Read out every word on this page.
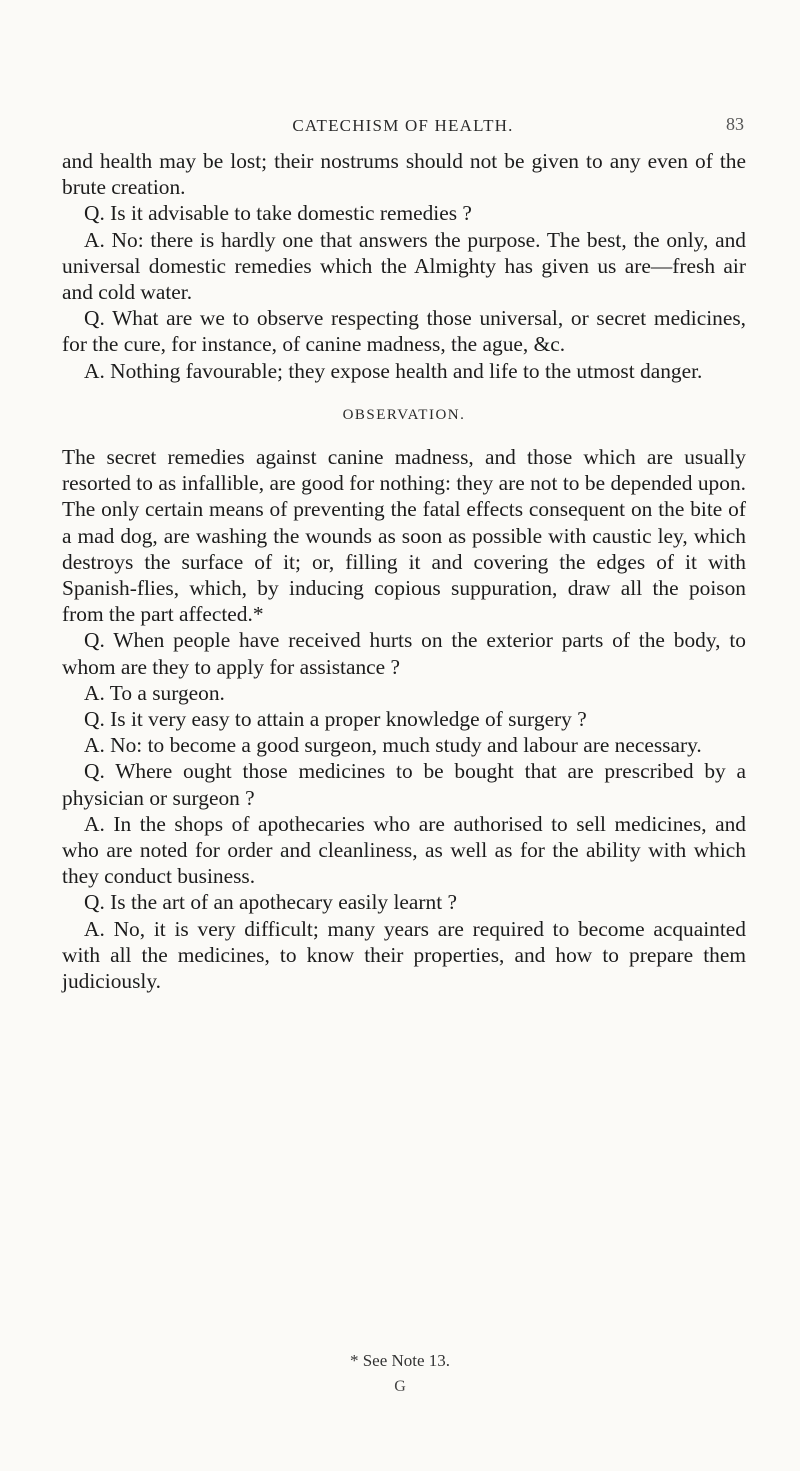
CATECHISM OF HEALTH.	83

and health may be lost; their nostrums should not be given to any even of the brute creation.

Q. Is it advisable to take domestic remedies ?

A. No: there is hardly one that answers the purpose. The best, the only, and universal domestic remedies which the Almighty has given us are—fresh air and cold water.

Q. What are we to observe respecting those universal, or secret medicines, for the cure, for instance, of canine madness, the ague, &c.

A. Nothing favourable; they expose health and life to the utmost danger.

OBSERVATION.

The secret remedies against canine madness, and those which are usually resorted to as infallible, are good for nothing: they are not to be depended upon. The only certain means of preventing the fatal effects consequent on the bite of a mad dog, are washing the wounds as soon as possible with caustic ley, which destroys the surface of it; or, filling it and covering the edges of it with Spanish-flies, which, by inducing copious suppuration, draw all the poison from the part affected.*

Q. When people have received hurts on the exterior parts of the body, to whom are they to apply for assistance ?

A. To a surgeon.

Q. Is it very easy to attain a proper knowledge of surgery ?

A. No: to become a good surgeon, much study and labour are necessary.

Q. Where ought those medicines to be bought that are prescribed by a physician or surgeon ?

A. In the shops of apothecaries who are authorised to sell medicines, and who are noted for order and cleanliness, as well as for the ability with which they conduct business.

Q. Is the art of an apothecary easily learnt ?

A. No, it is very difficult; many years are required to become acquainted with all the medicines, to know their properties, and how to prepare them judiciously.

* See Note 13.
G
